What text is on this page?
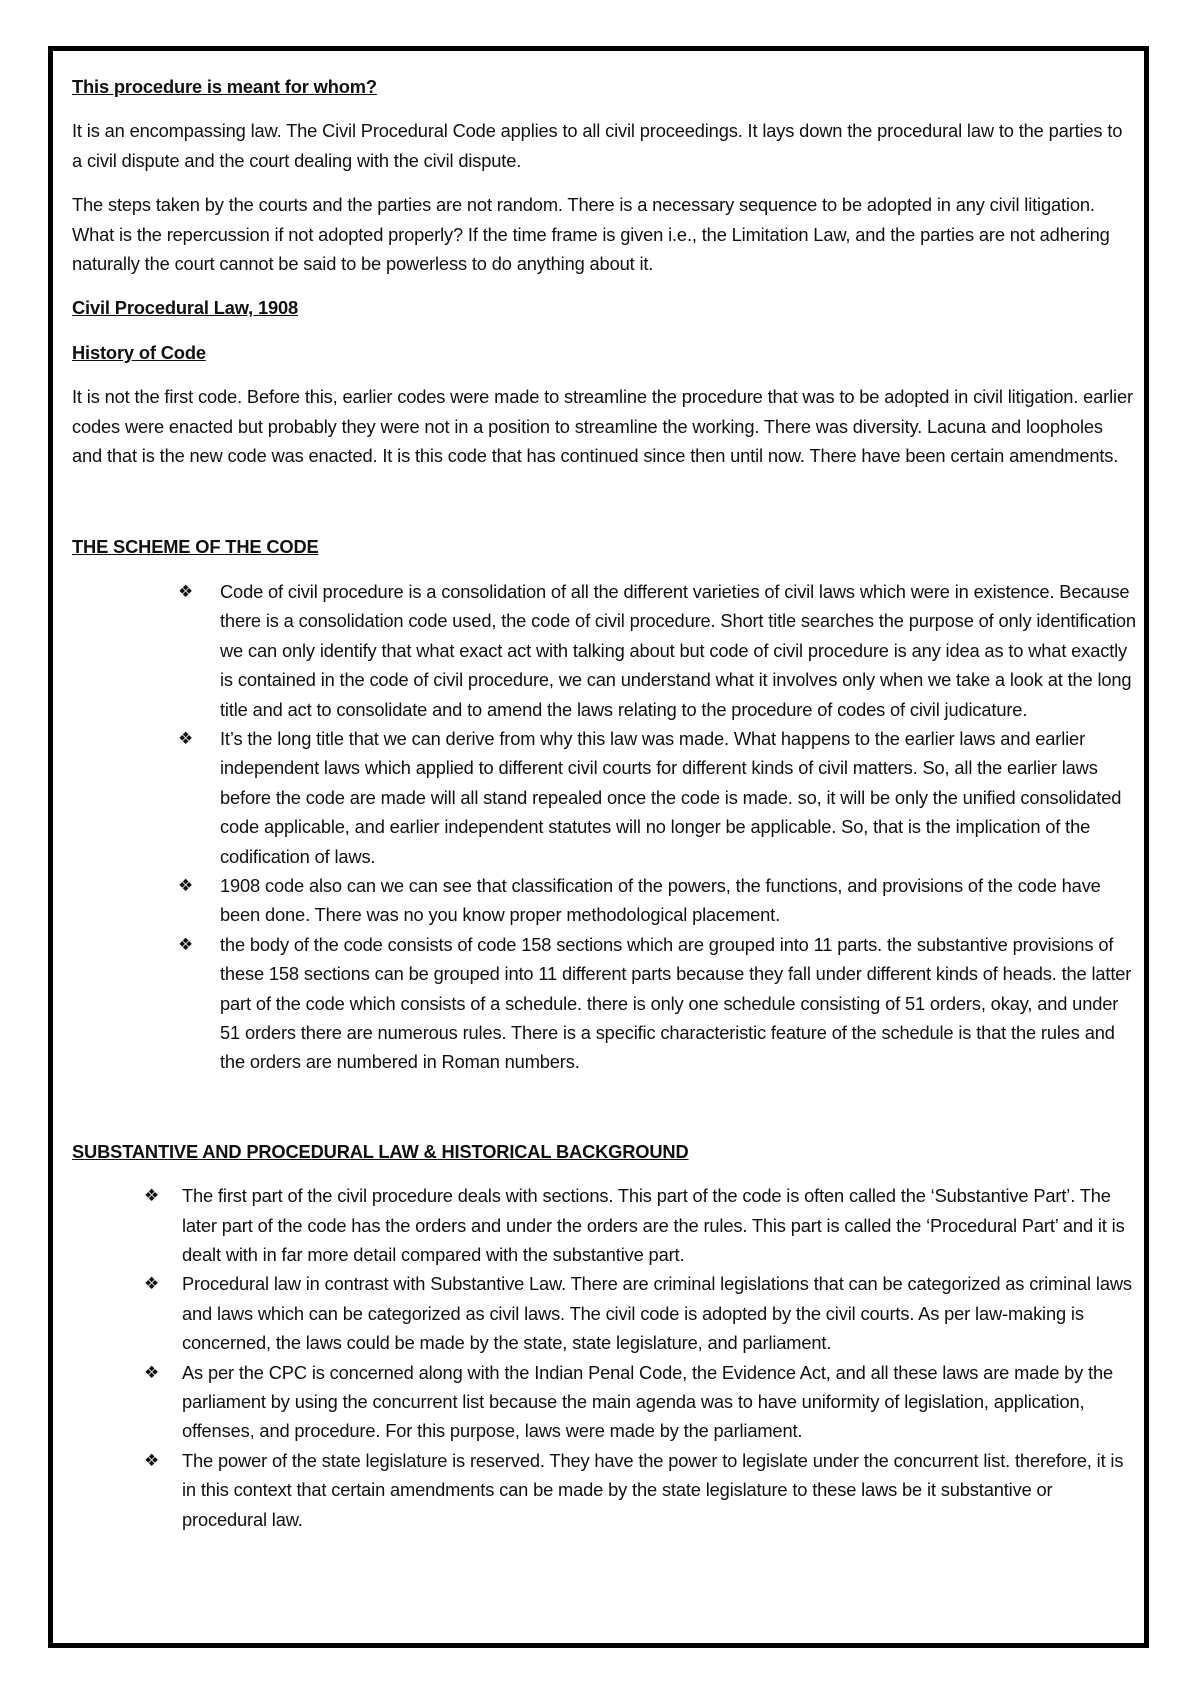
This procedure is meant for whom?

It is an encompassing law. The Civil Procedural Code applies to all civil proceedings. It lays down the procedural law to the parties to a civil dispute and the court dealing with the civil dispute.

The steps taken by the courts and the parties are not random. There is a necessary sequence to be adopted in any civil litigation. What is the repercussion if not adopted properly? If the time frame is given i.e., the Limitation Law, and the parties are not adhering naturally the court cannot be said to be powerless to do anything about it.

Civil Procedural Law, 1908
History of Code

It is not the first code. Before this, earlier codes were made to streamline the procedure that was to be adopted in civil litigation. earlier codes were enacted but probably they were not in a position to streamline the working. There was diversity. Lacuna and loopholes and that is the new code was enacted. It is this code that has continued since then until now. There have been certain amendments.

THE SCHEME OF THE CODE
❖ Code of civil procedure is a consolidation of all the different varieties of civil laws which were in existence. Because there is a consolidation code used, the code of civil procedure. Short title searches the purpose of only identification we can only identify that what exact act with talking about but code of civil procedure is any idea as to what exactly is contained in the code of civil procedure, we can understand what it involves only when we take a look at the long title and act to consolidate and to amend the laws relating to the procedure of codes of civil judicature.
❖ It’s the long title that we can derive from why this law was made. What happens to the earlier laws and earlier independent laws which applied to different civil courts for different kinds of civil matters. So, all the earlier laws before the code are made will all stand repealed once the code is made. so, it will be only the unified consolidated code applicable, and earlier independent statutes will no longer be applicable. So, that is the implication of the codification of laws.
❖ 1908 code also can we can see that classification of the powers, the functions, and provisions of the code have been done. There was no you know proper methodological placement.
❖ the body of the code consists of code 158 sections which are grouped into 11 parts. the substantive provisions of these 158 sections can be grouped into 11 different parts because they fall under different kinds of heads. the latter part of the code which consists of a schedule. there is only one schedule consisting of 51 orders, okay, and under 51 orders there are numerous rules. There is a specific characteristic feature of the schedule is that the rules and the orders are numbered in Roman numbers.
SUBSTANTIVE AND PROCEDURAL LAW & HISTORICAL BACKGROUND
❖ The first part of the civil procedure deals with sections. This part of the code is often called the ‘Substantive Part’. The later part of the code has the orders and under the orders are the rules. This part is called the ‘Procedural Part’ and it is dealt with in far more detail compared with the substantive part.
❖ Procedural law in contrast with Substantive Law. There are criminal legislations that can be categorized as criminal laws and laws which can be categorized as civil laws. The civil code is adopted by the civil courts. As per law-making is concerned, the laws could be made by the state, state legislature, and parliament.
❖ As per the CPC is concerned along with the Indian Penal Code, the Evidence Act, and all these laws are made by the parliament by using the concurrent list because the main agenda was to have uniformity of legislation, application, offenses, and procedure. For this purpose, laws were made by the parliament.
❖ The power of the state legislature is reserved. They have the power to legislate under the concurrent list. therefore, it is in this context that certain amendments can be made by the state legislature to these laws be it substantive or procedural law.
